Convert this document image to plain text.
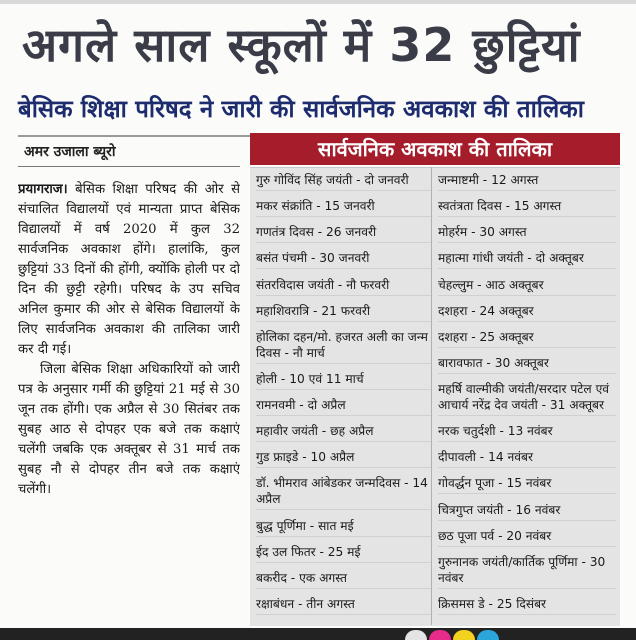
अगले साल स्कूलों में 32 छुट्टियां
बेसिक शिक्षा परिषद ने जारी की सार्वजनिक अवकाश की तालिका
अमर उजाला ब्यूरो

प्रयागराज। बेसिक शिक्षा परिषद की ओर से संचालित विद्यालयों एवं मान्यता प्राप्त बेसिक विद्यालयों में वर्ष 2020 में कुल 32 सार्वजनिक अवकाश होंगे। हालांकि, कुल छुट्टियां 33 दिनों की होंगी, क्योंकि होली पर दो दिन की छुट्टी रहेगी। परिषद के उप सचिव अनिल कुमार की ओर से बेसिक विद्यालयों के लिए सार्वजनिक अवकाश की तालिका जारी कर दी गई।

जिला बेसिक शिक्षा अधिकारियों को जारी पत्र के अनुसार गर्मी की छुट्टियां 21 मई से 30 जून तक होंगी। एक अप्रैल से 30 सितंबर तक सुबह आठ से दोपहर एक बजे तक कक्षाएं चलेंगी जबकि एक अक्तूबर से 31 मार्च तक सुबह नौ से दोपहर तीन बजे तक कक्षाएं चलेंगी।

सार्वजनिक अवकाश की तालिका
गुरु गोविंद सिंह जयंती - दो जनवरी
मकर संक्रांति - 15 जनवरी
गणतंत्र दिवस - 26 जनवरी
बसंत पंचमी - 30 जनवरी
संतरविदास जयंती - नौ फरवरी
महाशिवरात्रि - 21 फरवरी
होलिका दहन/मो. हजरत अली का जन्म दिवस - नौ मार्च
होली - 10 एवं 11 मार्च
रामनवमी - दो अप्रैल
महावीर जयंती - छह अप्रैल
गुड फ्राइडे - 10 अप्रैल
डॉ. भीमराव आंबेडकर जन्मदिवस - 14 अप्रैल
बुद्ध पूर्णिमा - सात मई
ईद उल फितर - 25 मई
बकरीद - एक अगस्त
रक्षाबंधन - तीन अगस्त
जन्माष्टमी - 12 अगस्त
स्वतंत्रता दिवस - 15 अगस्त
मोहर्रम - 30 अगस्त
महात्मा गांधी जयंती - दो अक्तूबर
चेहल्लुम - आठ अक्तूबर
दशहरा - 24 अक्तूबर
दशहरा - 25 अक्तूबर
बारावफात - 30 अक्तूबर
महर्षि वाल्मीकी जयंती/सरदार पटेल एवं आचार्य नरेंद्र देव जयंती - 31 अक्तूबर
नरक चतुर्दशी - 13 नवंबर
दीपावली - 14 नवंबर
गोवर्द्धन पूजा - 15 नवंबर
चित्रगुप्त जयंती - 16 नवंबर
छठ पूजा पर्व - 20 नवंबर
गुरुनानक जयंती/कार्तिक पूर्णिमा - 30 नवंबर
क्रिसमस डे - 25 दिसंबर
